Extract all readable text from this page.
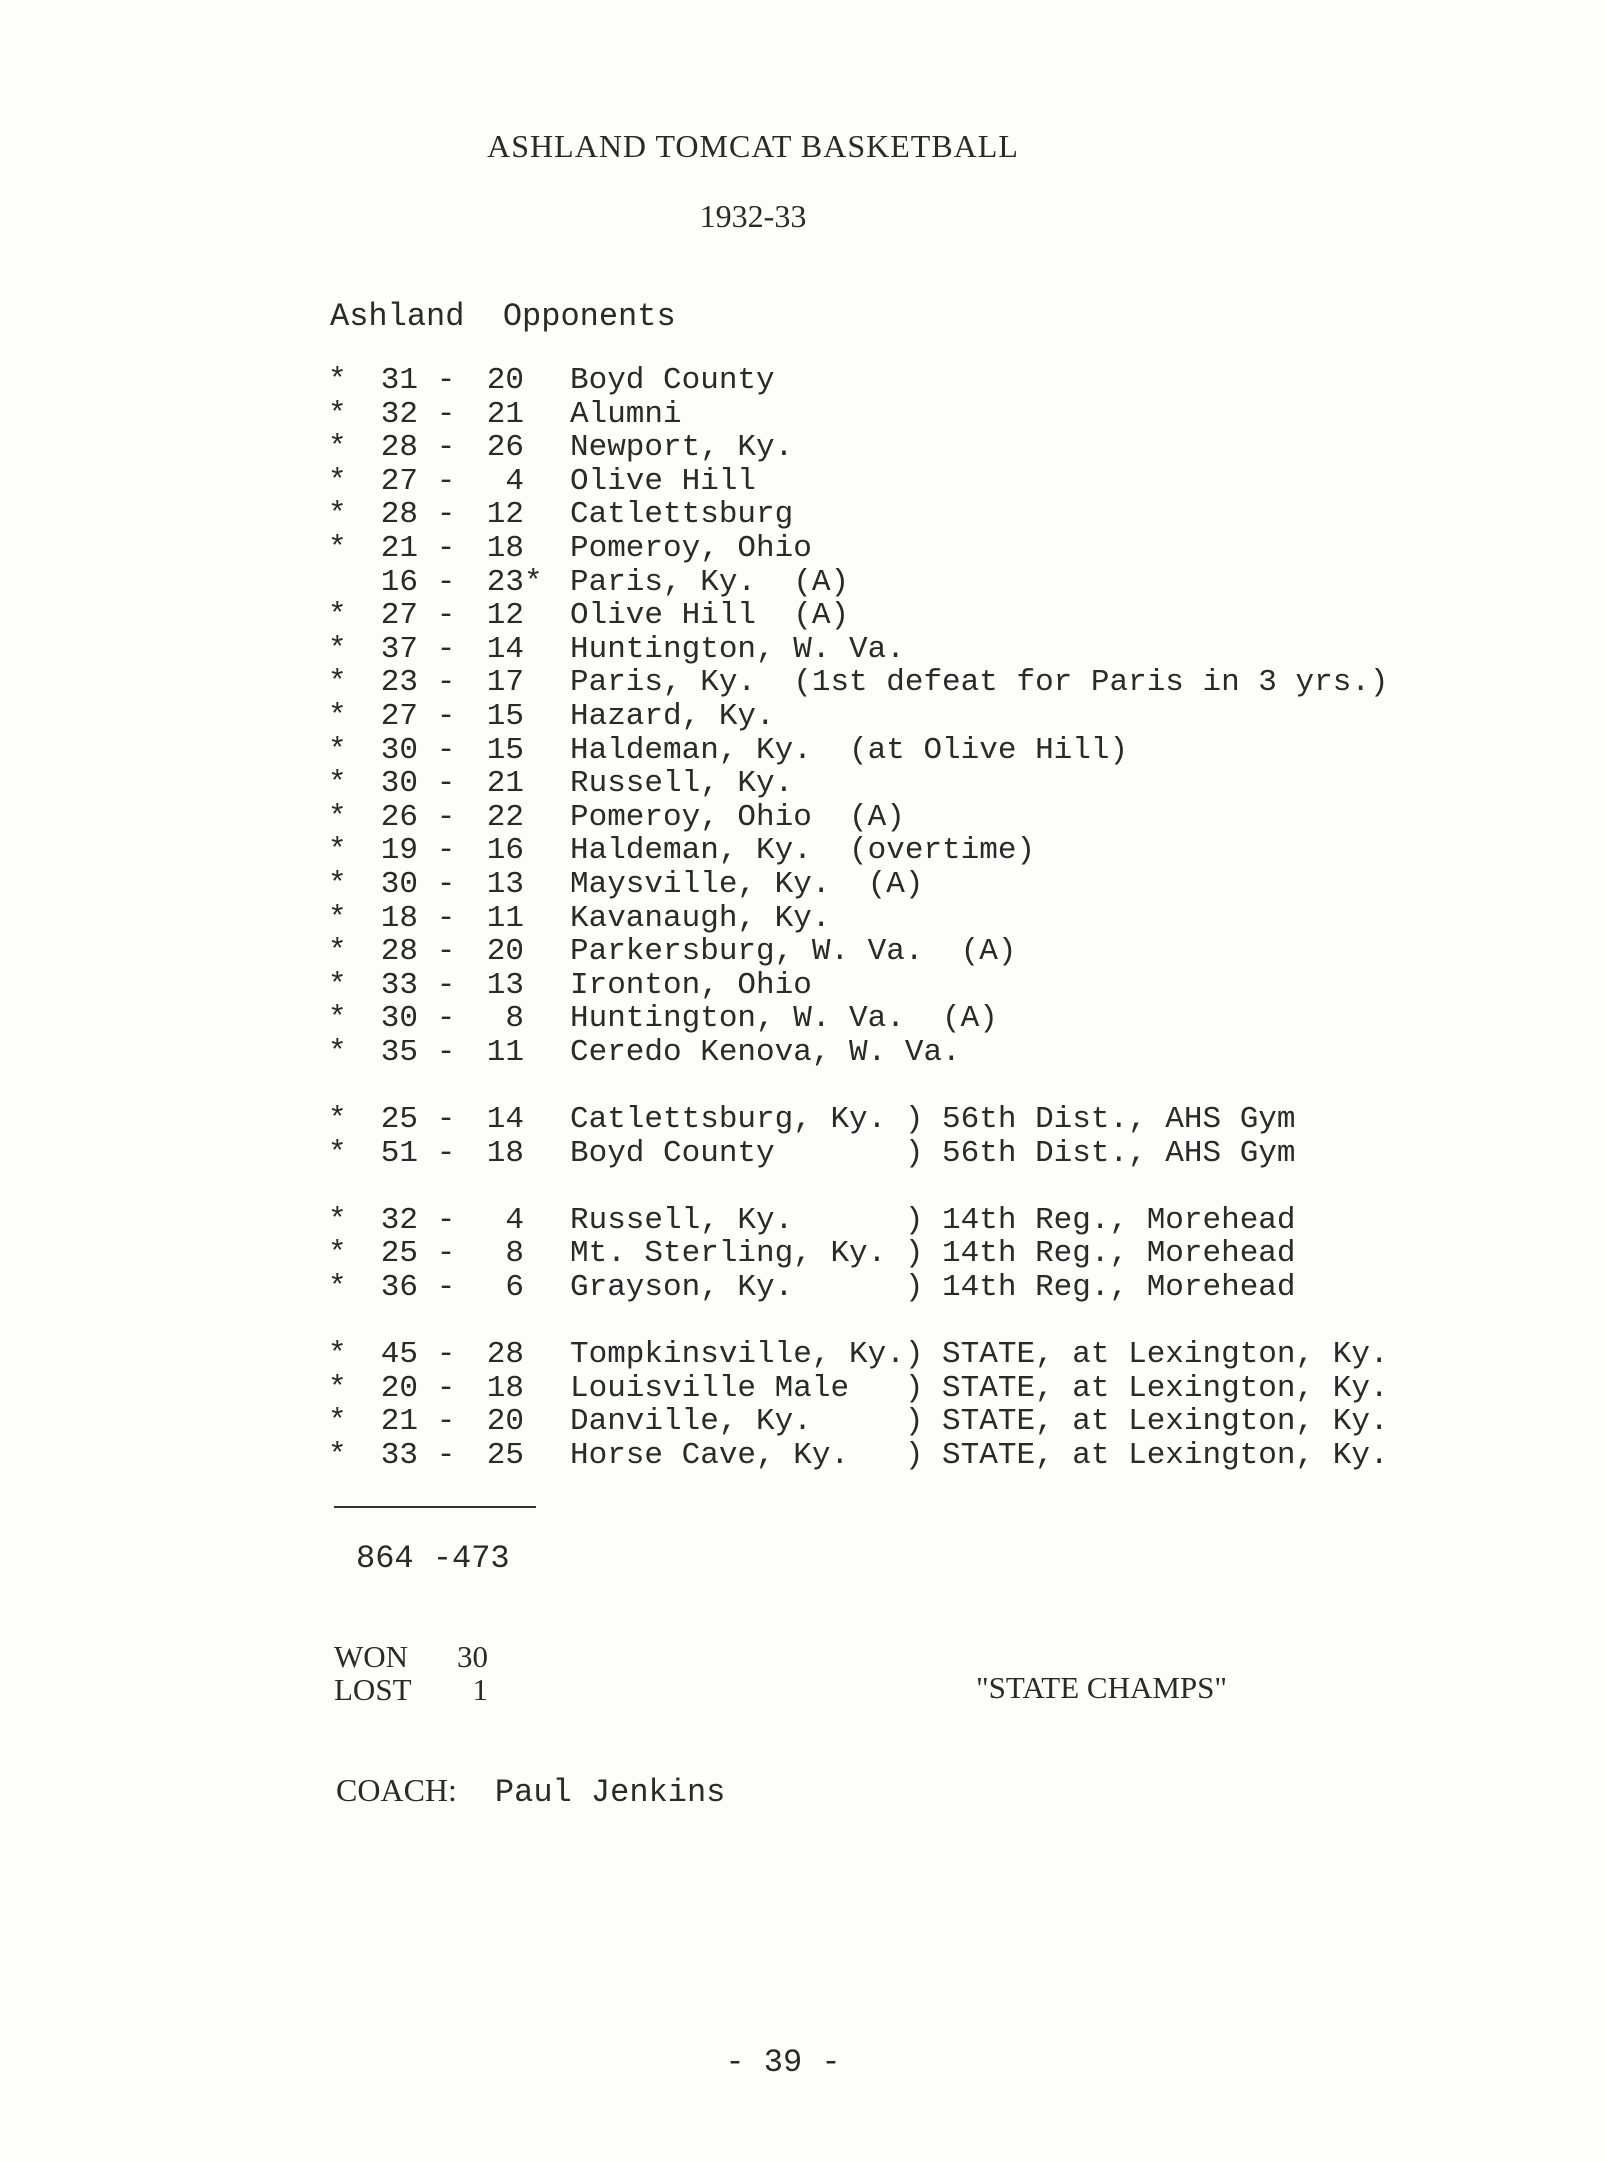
ASHLAND TOMCAT BASKETBALL
1932-33
Ashland Opponents
*	31 -	20 Boyd County
*	32 -	21 Alumni
*	28 -	26 Newport, Ky.
*	27 -	4 Olive Hill
*	28 -	12 Catlettsburg
*	21 -	18 Pomeroy, Ohio
16 -	23 * Paris, Ky.  (A)
*	27 -	12 Olive Hill  (A)
*	37 -	14 Huntington, W. Va.
*	23 -	17 Paris, Ky.  (1st defeat for Paris in 3 yrs.)
*	27 -	15 Hazard, Ky.
*	30 -	15 Haldeman, Ky.  (at Olive Hill)
*	30 -	21 Russell, Ky.
*	26 -	22 Pomeroy, Ohio  (A)
*	19 -	16 Haldeman, Ky.  (overtime)
*	30 -	13 Maysville, Ky.  (A)
*	18 -	11 Kavanaugh, Ky.
*	28 -	20 Parkersburg, W. Va.  (A)
*	33 -	13 Ironton, Ohio
*	30 -	8 Huntington, W. Va.  (A)
*	35 -	11 Ceredo Kenova, W. Va.
*	25 -	14 Catlettsburg, Ky. ) 56th Dist., AHS Gym
*	51 -	18 Boyd County       ) 56th Dist., AHS Gym
*	32 -	4 Russell, Ky.      ) 14th Reg., Morehead
*	25 -	8 Mt. Sterling, Ky. ) 14th Reg., Morehead
*	36 -	6 Grayson, Ky.      ) 14th Reg., Morehead
*	45 -	28 Tompkinsville, Ky.) STATE, at Lexington, Ky.
*	20 -	18 Louisville Male   ) STATE, at Lexington, Ky.
*	21 -	20 Danville, Ky.     ) STATE, at Lexington, Ky.
*	33 -	25 Horse Cave, Ky.   ) STATE, at Lexington, Ky.
864 -473
WON	30
LOST	1	"STATE CHAMPS"
COACH: Paul Jenkins
- 39 -
